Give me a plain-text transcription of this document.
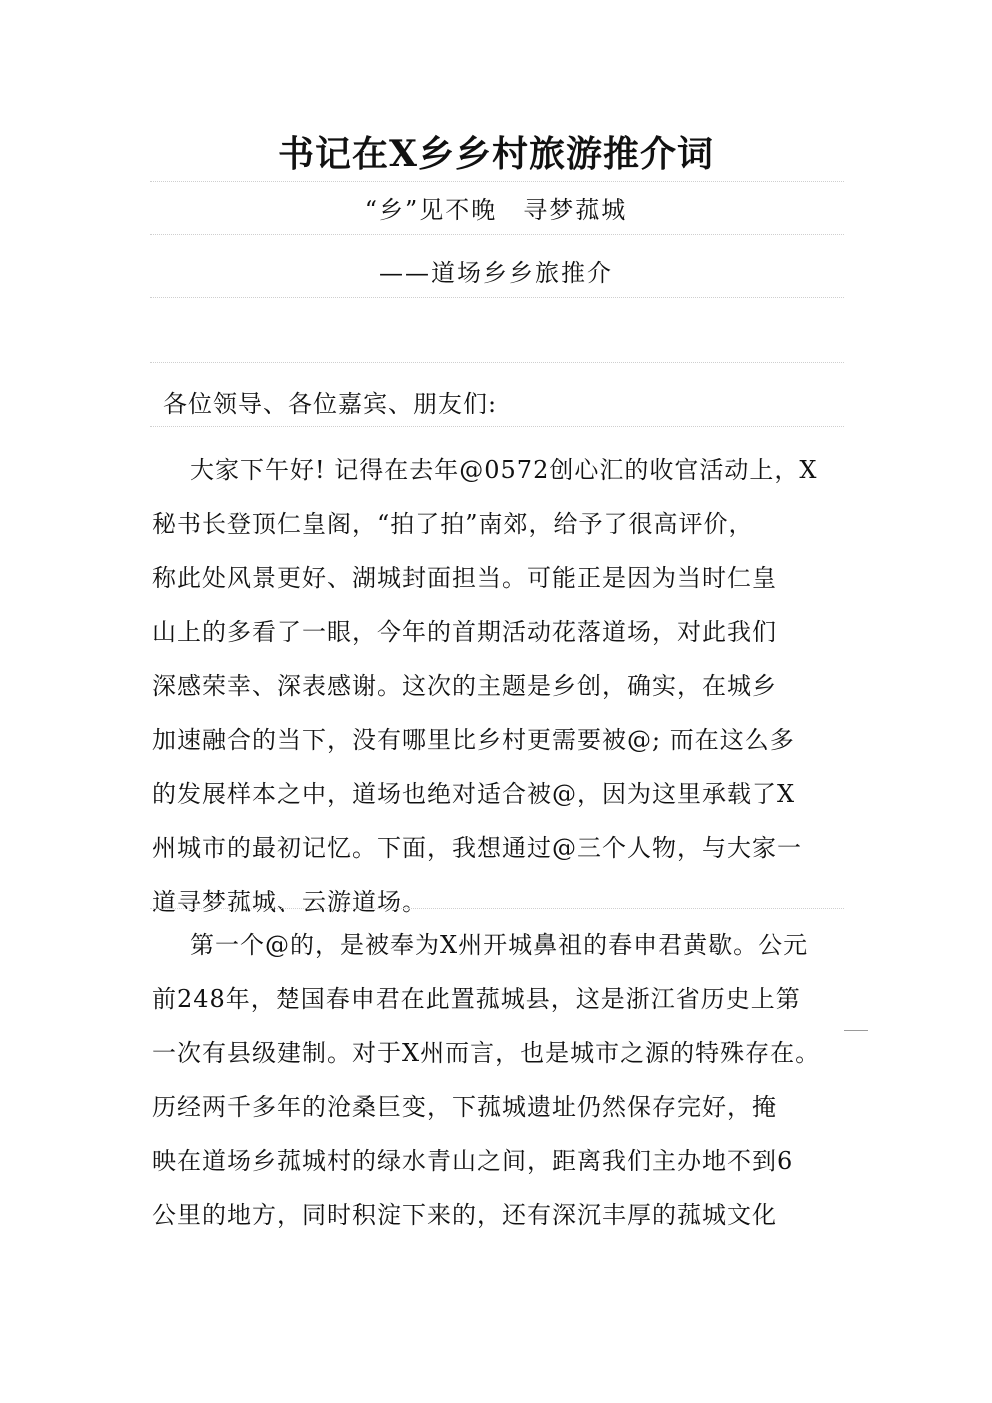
书记在X乡乡村旅游推介词
“乡”见不晚　寻梦菰城
——道场乡乡旅推介
各位领导、各位嘉宾、朋友们:
大家下午好! 记得在去年@0572创心汇的收官活动上，X
秘书长登顶仁皇阁，“拍了拍”南郊，给予了很高评价，
称此处风景更好、湖城封面担当。可能正是因为当时仁皇
山上的多看了一眼，今年的首期活动花落道场，对此我们
深感荣幸、深表感谢。这次的主题是乡创，确实，在城乡
加速融合的当下，没有哪里比乡村更需要被@; 而在这么多
的发展样本之中，道场也绝对适合被@，因为这里承载了X
州城市的最初记忆。下面，我想通过@三个人物，与大家一
道寻梦菰城、云游道场。
第一个@的，是被奉为X州开城鼻祖的春申君黄歇。公元
前248年，楚国春申君在此置菰城县，这是浙江省历史上第
一次有县级建制。对于X州而言，也是城市之源的特殊存在。
历经两千多年的沧桑巨变，下菰城遗址仍然保存完好，掩
映在道场乡菰城村的绿水青山之间，距离我们主办地不到6
公里的地方，同时积淀下来的，还有深沉丰厚的菰城文化
